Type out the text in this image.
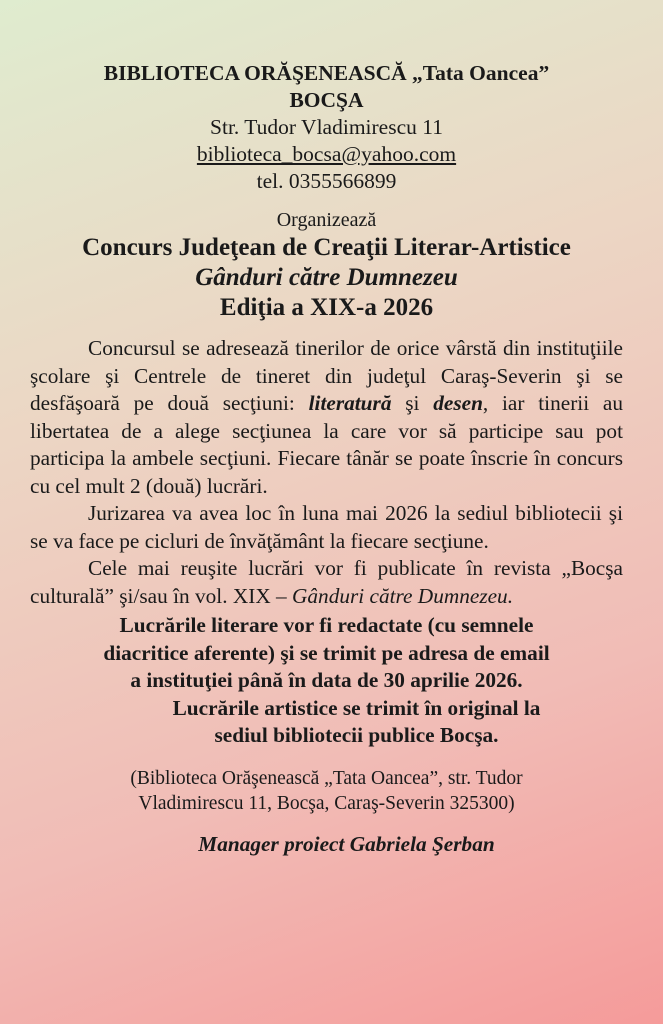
BIBLIOTECA ORĂŞENEASCĂ „Tata Oancea”
BOCŞA
Str. Tudor Vladimirescu 11
biblioteca_bocsa@yahoo.com
tel. 0355566899
Organizează
Concurs Judeţean de Creaţii Literar-Artistice
Gânduri către Dumnezeu
Ediţia a XIX-a 2026

Concursul se adresează tinerilor de orice vârstă din instituţiile şcolare şi Centrele de tineret din judeţul Caraş-Severin şi se desfăşoară pe două secţiuni: literatură şi desen, iar tinerii au libertatea de a alege secţiunea la care vor să participe sau pot participa la ambele secţiuni. Fiecare tânăr se poate înscrie în concurs cu cel mult 2 (două) lucrări.

Jurizarea va avea loc în luna mai 2026 la sediul bibliotecii şi se va face pe cicluri de învăţământ la fiecare secţiune.

Cele mai reuşite lucrări vor fi publicate în revista „Bocşa culturală” şi/sau în vol. XIX – Gânduri către Dumnezeu.

Lucrările literare vor fi redactate (cu semnele
diacritice aferente) şi se trimit pe adresa de email
a instituţiei până în data de 30 aprilie 2026.
Lucrările artistice se trimit în original la
sediul bibliotecii publice Bocşa.
(Biblioteca Orăşenească „Tata Oancea”, str. Tudor
Vladimirescu 11, Bocşa, Caraş-Severin 325300)
Manager proiect Gabriela Şerban
